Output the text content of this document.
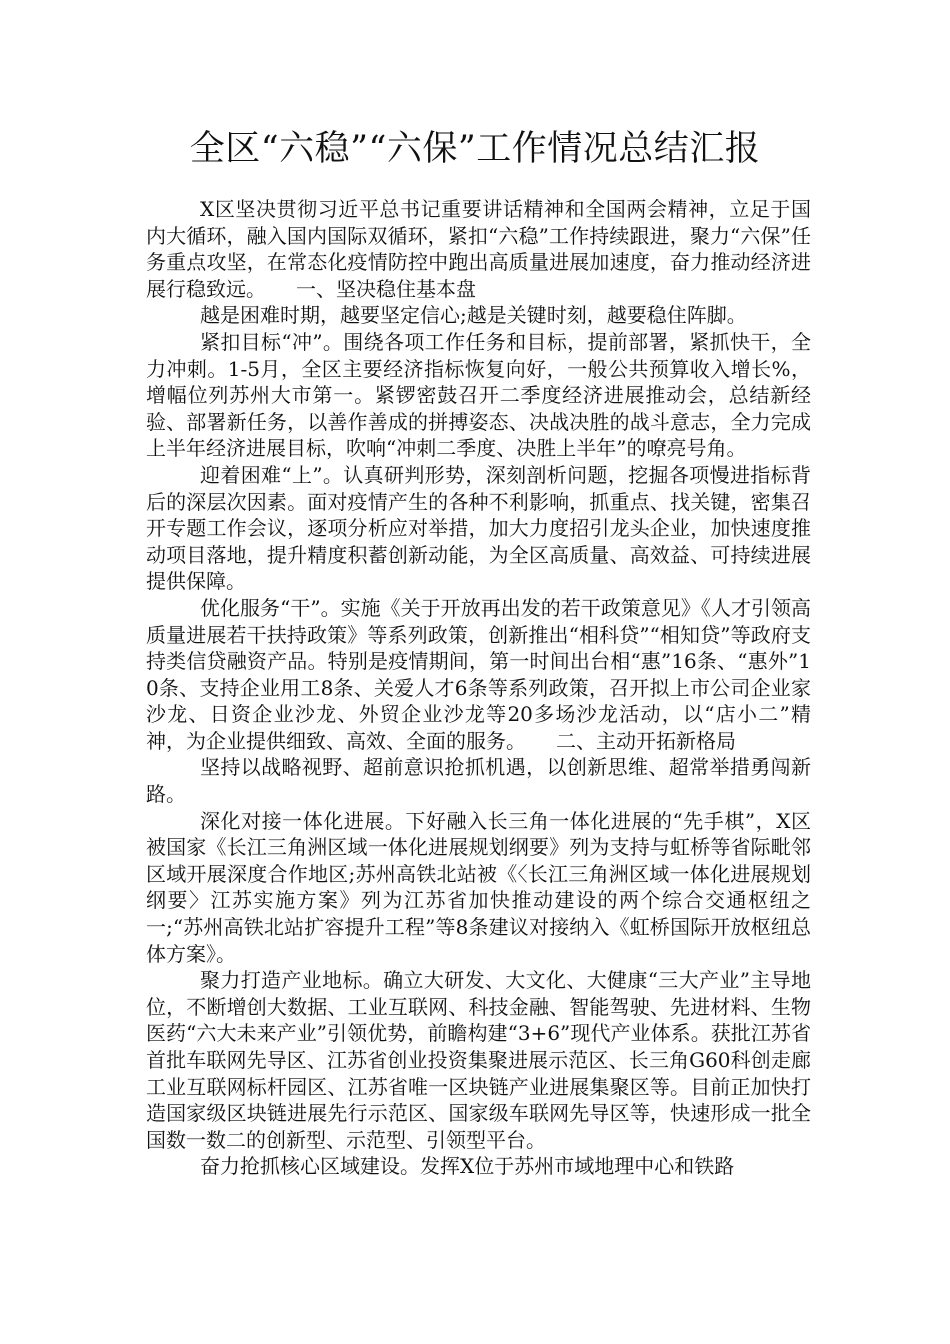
全区“六稳”“六保”工作情况总结汇报

X区坚决贯彻习近平总书记重要讲话精神和全国两会精神，立足于国内大循环，融入国内国际双循环，紧扣“六稳”工作持续跟进，聚力“六保”任务重点攻坚，在常态化疫情防控中跑出高质量进展加速度，奋力推动经济进展行稳致远。　　一、坚决稳住基本盘

越是困难时期，越要坚定信心;越是关键时刻，越要稳住阵脚。

紧扣目标“冲”。围绕各项工作任务和目标，提前部署，紧抓快干，全力冲刺。1-5月，全区主要经济指标恢复向好，一般公共预算收入增长%，增幅位列苏州大市第一。紧锣密鼓召开二季度经济进展推动会，总结新经验、部署新任务，以善作善成的拼搏姿态、决战决胜的战斗意志，全力完成上半年经济进展目标，吹响“冲刺二季度、决胜上半年”的嘹亮号角。

迎着困难“上”。认真研判形势，深刻剖析问题，挖掘各项慢进指标背后的深层次因素。面对疫情产生的各种不利影响，抓重点、找关键，密集召开专题工作会议，逐项分析应对举措，加大力度招引龙头企业，加快速度推动项目落地，提升精度积蓄创新动能，为全区高质量、高效益、可持续进展提供保障。

优化服务“干”。实施《关于开放再出发的若干政策意见》《人才引领高质量进展若干扶持政策》等系列政策，创新推出“相科贷”“相知贷”等政府支持类信贷融资产品。特别是疫情期间，第一时间出台相“惠”16条、“惠外”10条、支持企业用工8条、关爱人才6条等系列政策，召开拟上市公司企业家沙龙、日资企业沙龙、外贸企业沙龙等20多场沙龙活动，以“店小二”精神，为企业提供细致、高效、全面的服务。　　二、主动开拓新格局

坚持以战略视野、超前意识抢抓机遇，以创新思维、超常举措勇闯新路。

深化对接一体化进展。下好融入长三角一体化进展的“先手棋”，X区被国家《长江三角洲区域一体化进展规划纲要》列为支持与虹桥等省际毗邻区域开展深度合作地区;苏州高铁北站被《〈长江三角洲区域一体化进展规划纲要〉江苏实施方案》列为江苏省加快推动建设的两个综合交通枢纽之一;“苏州高铁北站扩容提升工程”等8条建议对接纳入《虹桥国际开放枢纽总体方案》。

聚力打造产业地标。确立大研发、大文化、大健康“三大产业”主导地位，不断增创大数据、工业互联网、科技金融、智能驾驶、先进材料、生物医药“六大未来产业”引领优势，前瞻构建“3+6”现代产业体系。获批江苏省首批车联网先导区、江苏省创业投资集聚进展示范区、长三角G60科创走廊工业互联网标杆园区、江苏省唯一区块链产业进展集聚区等。目前正加快打造国家级区块链进展先行示范区、国家级车联网先导区等，快速形成一批全国数一数二的创新型、示范型、引领型平台。

奋力抢抓核心区域建设。发挥X位于苏州市域地理中心和铁路
